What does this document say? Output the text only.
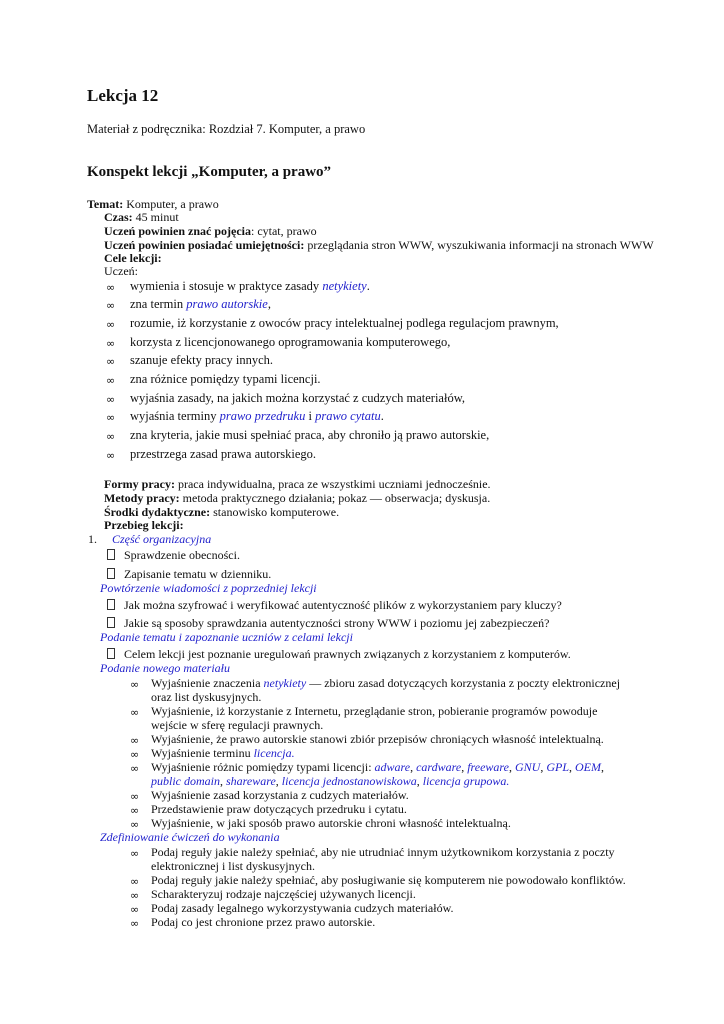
Lekcja 12
Materiał z podręcznika: Rozdział 7. Komputer, a prawo
Konspekt lekcji „Komputer, a prawo”
Temat: Komputer, a prawo
Czas: 45 minut
Uczeń powinien znać pojęcia: cytat, prawo
Uczeń powinien posiadać umiejętności: przeglądania stron WWW, wyszukiwania informacji na stronach WWW
Cele lekcji:
Uczeń:
∞ wymienia i stosuje w praktyce zasady netykiety.
∞ zna termin prawo autorskie,
∞ rozumie, iż korzystanie z owoców pracy intelektualnej podlega regulacjom prawnym,
∞ korzysta z licencjonowanego oprogramowania komputerowego,
∞ szanuje efekty pracy innych.
∞ zna różnice pomiędzy typami licencji.
∞ wyjaśnia zasady, na jakich można korzystać z cudzych materiałów,
∞ wyjaśnia terminy prawo przedruku i prawo cytatu.
∞ zna kryteria, jakie musi spełniać praca, aby chroniło ją prawo autorskie,
∞ przestrzega zasad prawa autorskiego.
Formy pracy: praca indywidualna, praca ze wszystkimi uczniami jednocześnie.
Metody pracy: metoda praktycznego działania; pokaz — obserwacja; dyskusja.
Środki dydaktyczne: stanowisko komputerowe.
Przebieg lekcji:
1. Część organizacyjna
Sprawdzenie obecności.
Zapisanie tematu w dzienniku.
Powtórzenie wiadomości z poprzedniej lekcji
Jak można szyfrować i weryfikować autentyczność plików z wykorzystaniem pary kluczy?
Jakie są sposoby sprawdzania autentyczności strony WWW i poziomu jej zabezpieczeń?
Podanie tematu i zapoznanie uczniów z celami lekcji
Celem lekcji jest poznanie uregulowań prawnych związanych z korzystaniem z komputerów.
Podanie nowego materiału
∞ Wyjaśnienie znaczenia netykiety — zbioru zasad dotyczących korzystania z poczty elektronicznej oraz list dyskusyjnych.
∞ Wyjaśnienie, iż korzystanie z Internetu, przeglądanie stron, pobieranie programów powoduje wejście w sferę regulacji prawnych.
∞ Wyjaśnienie, że prawo autorskie stanowi zbiór przepisów chroniących własność intelektualną.
∞ Wyjaśnienie terminu licencja.
∞ Wyjaśnienie różnic pomiędzy typami licencji: adware, cardware, freeware, GNU, GPL, OEM, public domain, shareware, licencja jednostanowiskowa, licencja grupowa.
∞ Wyjaśnienie zasad korzystania z cudzych materiałów.
∞ Przedstawienie praw dotyczących przedruku i cytatu.
∞ Wyjaśnienie, w jaki sposób prawo autorskie chroni własność intelektualną.
Zdefiniowanie ćwiczeń do wykonania
∞ Podaj reguły jakie należy spełniać, aby nie utrudniać innym użytkownikom korzystania z poczty elektronicznej i list dyskusyjnych.
∞ Podaj reguły jakie należy spełniać, aby posługiwanie się komputerem nie powodowało konfliktów.
∞ Scharakteryzuj rodzaje najczęściej używanych licencji.
∞ Podaj zasady legalnego wykorzystywania cudzych materiałów.
∞ Podaj co jest chronione przez prawo autorskie.
